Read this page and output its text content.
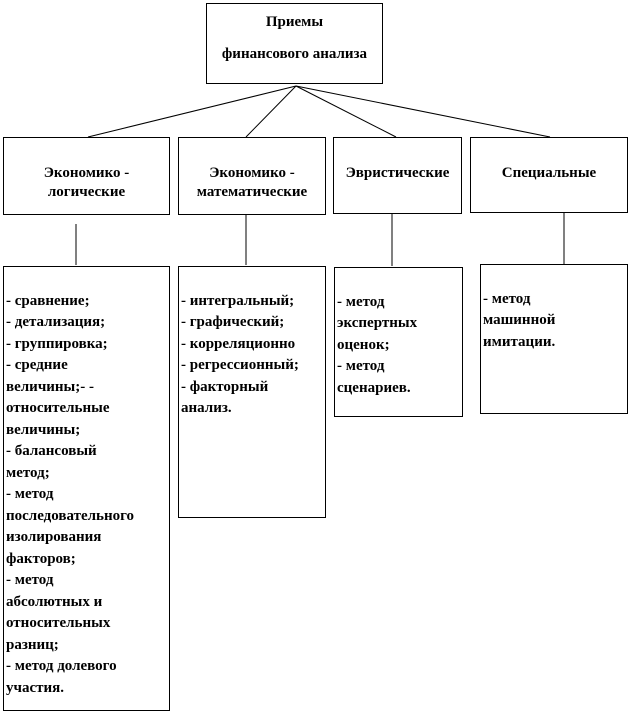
Приемы
финансового анализа

Экономико -
логические

Экономико -
математические

Эвристические	Специальные

- сравнение;
- детализация;
- группировка;
- средние
величины;- -
относительные
величины;
- балансовый
метод;
- метод
последовательного
изолирования
факторов;
- метод
абсолютных и
относительных
разниц;
- метод долевого
участия.

- интегральный;
- графический;
- корреляционно
- регрессионный;
- факторный
анализ.

- метод
экспертных
оценок;
- метод
сценариев.

- метод
машинной
имитации.
